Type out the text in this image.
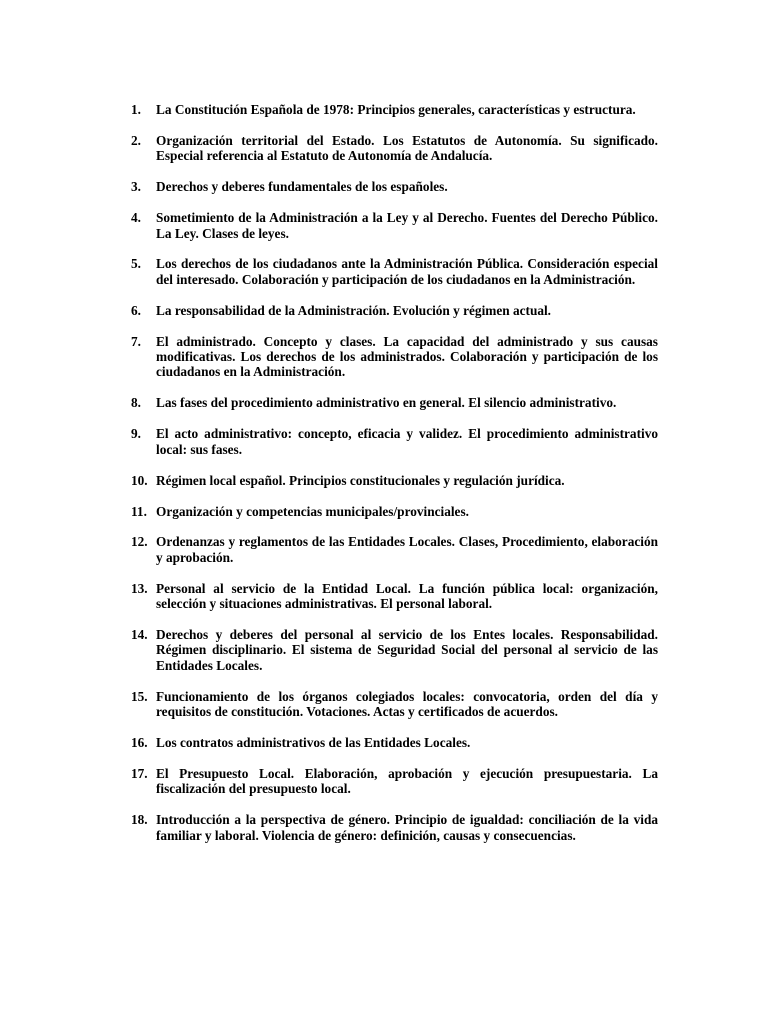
1.	La Constitución Española de 1978: Principios generales, características y estructura.
2.	Organización territorial del Estado. Los Estatutos de Autonomía. Su significado. Especial referencia al Estatuto de Autonomía de Andalucía.
3.	Derechos y deberes fundamentales de los españoles.
4.	Sometimiento de la Administración a la Ley y al Derecho. Fuentes del Derecho Público. La Ley. Clases de leyes.
5.	Los derechos de los ciudadanos ante la Administración Pública. Consideración especial del interesado. Colaboración y participación de los ciudadanos en la Administración.
6.	La responsabilidad de la Administración. Evolución y régimen actual.
7.	El administrado. Concepto y clases. La capacidad del administrado y sus causas modificativas. Los derechos de los administrados. Colaboración y participación de los ciudadanos en la Administración.
8.	Las fases del procedimiento administrativo en general. El silencio administrativo.
9.	El acto administrativo: concepto, eficacia y validez. El procedimiento administrativo local: sus fases.
10. Régimen local español. Principios constitucionales y regulación jurídica.
11. Organización y competencias municipales/provinciales.
12. Ordenanzas y reglamentos de las Entidades Locales. Clases, Procedimiento, elaboración y aprobación.
13. Personal al servicio de la Entidad Local. La función pública local: organización, selección y situaciones administrativas. El personal laboral.
14. Derechos y deberes del personal al servicio de los Entes locales. Responsabilidad. Régimen disciplinario. El sistema de Seguridad Social del personal al servicio de las Entidades Locales.
15. Funcionamiento de los órganos colegiados locales: convocatoria, orden del día y requisitos de constitución. Votaciones. Actas y certificados de acuerdos.
16. Los contratos administrativos de las Entidades Locales.
17. El Presupuesto Local. Elaboración, aprobación y ejecución presupuestaria. La fiscalización del presupuesto local.
18. Introducción a la perspectiva de género. Principio de igualdad: conciliación de la vida familiar y laboral. Violencia de género: definición, causas y consecuencias.
